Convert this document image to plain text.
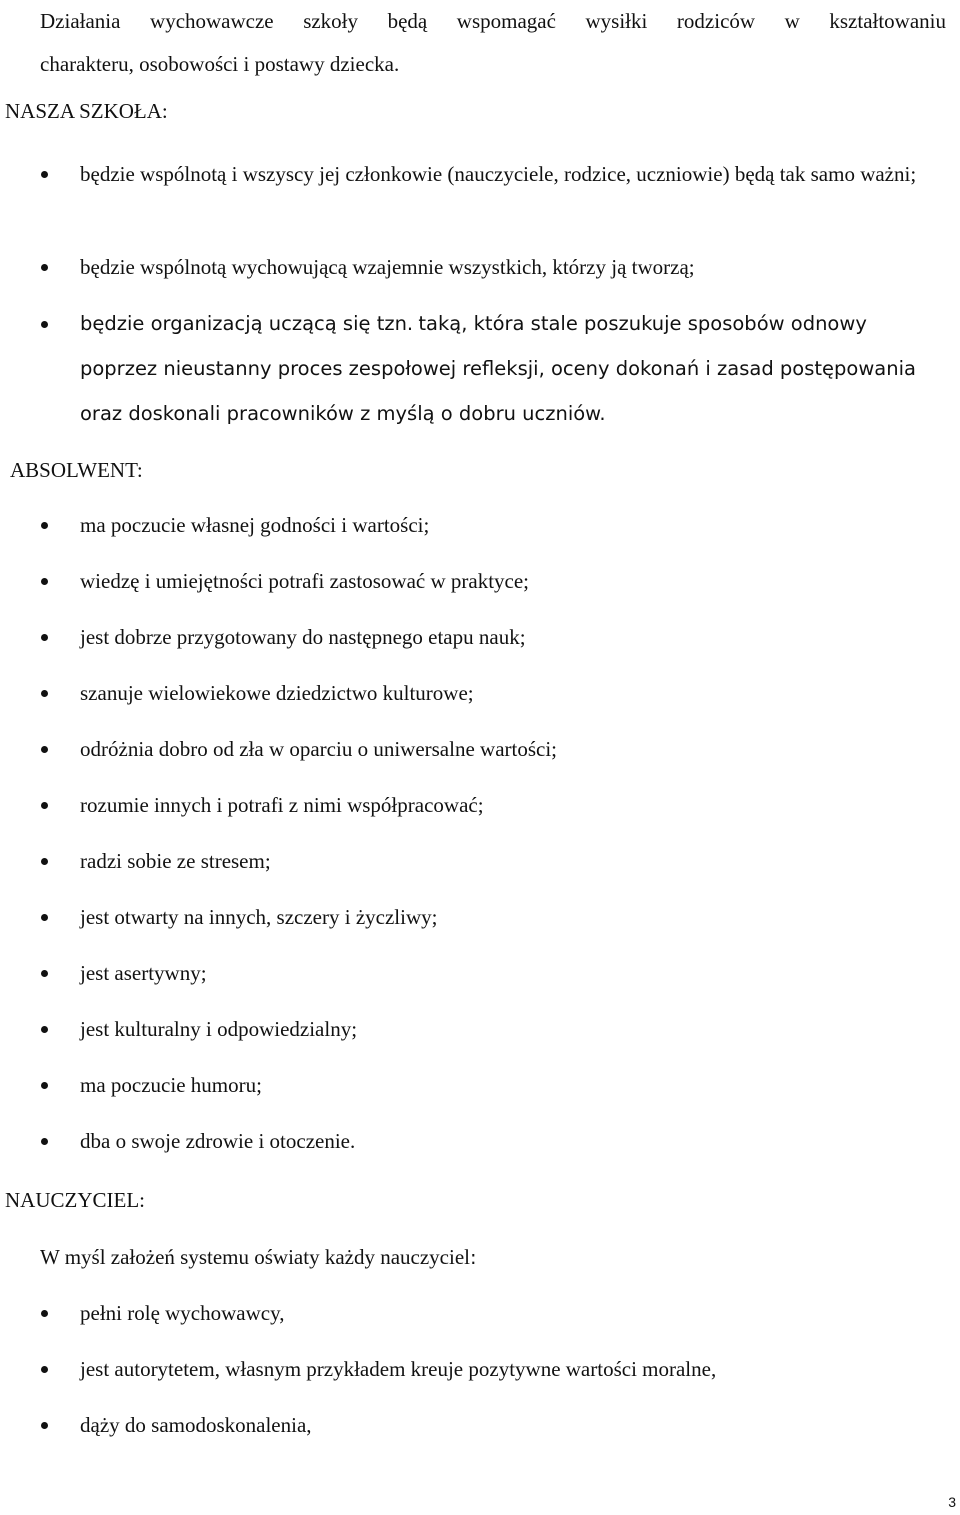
Działania wychowawcze szkoły będą wspomagać wysiłki rodziców w kształtowaniu
charakteru, osobowości i postawy dziecka.

NASZA SZKOŁA:
będzie wspólnotą i wszyscy jej członkowie (nauczyciele, rodzice, uczniowie) będą tak samo ważni;
będzie wspólnotą wychowującą wzajemnie wszystkich, którzy ją tworzą;
będzie organizacją uczącą się tzn. taką, która stale poszukuje sposobów odnowy poprzez nieustanny proces zespołowej refleksji, oceny dokonań i zasad postępowania oraz doskonali pracowników z myślą o dobru uczniów.
ABSOLWENT:
ma poczucie własnej godności i wartości;
wiedzę i umiejętności potrafi zastosować w praktyce;
jest dobrze przygotowany do następnego etapu nauk;
szanuje wielowiekowe dziedzictwo kulturowe;
odróżnia dobro od zła w oparciu o uniwersalne wartości;
rozumie innych i potrafi z nimi współpracować;
radzi sobie ze stresem;
jest otwarty na innych, szczery i życzliwy;
jest asertywny;
jest kulturalny i odpowiedzialny;
ma poczucie humoru;
dba o swoje zdrowie i otoczenie.
NAUCZYCIEL:

W myśl założeń systemu oświaty każdy nauczyciel:

pełni rolę wychowawcy,
jest autorytetem, własnym przykładem kreuje pozytywne wartości moralne,
dąży do samodoskonalenia,

3
